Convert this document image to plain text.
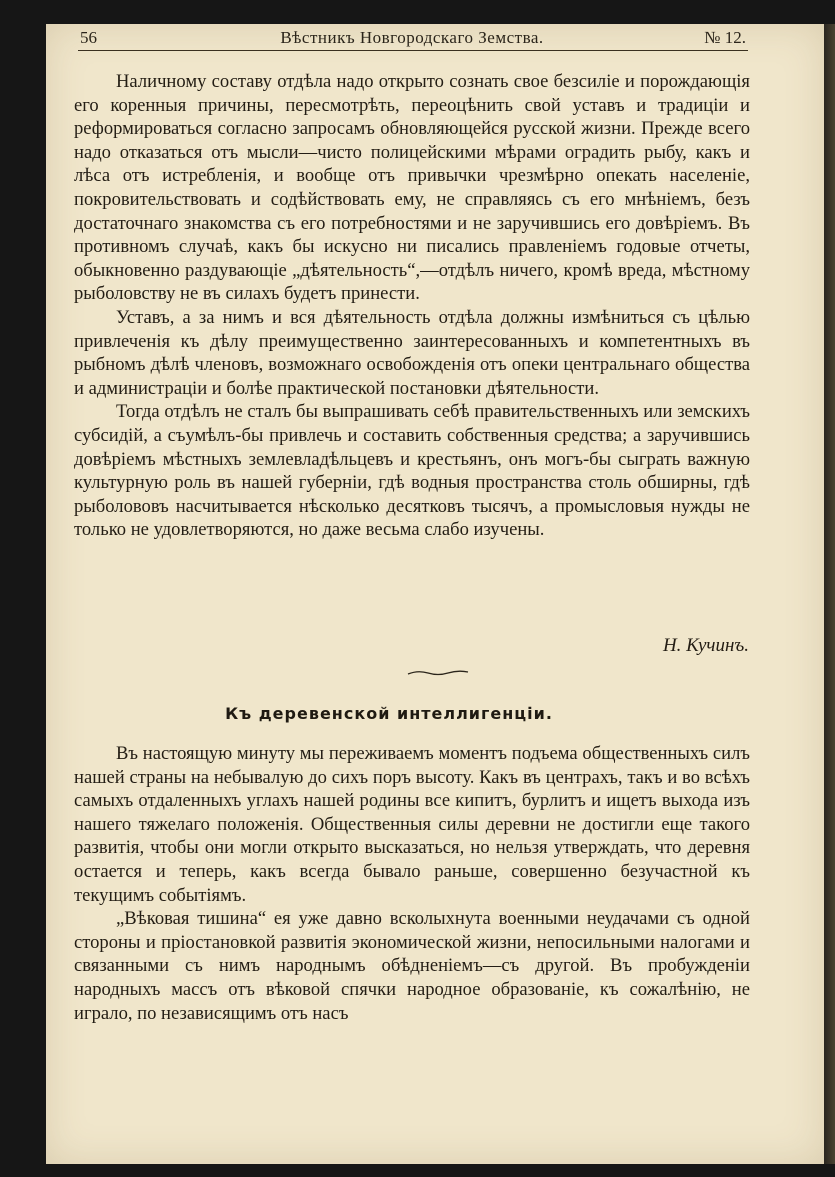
56	Вѣстникъ Новгородскаго Земства.	№ 12.

Наличному составу отдѣла надо открыто сознать свое безсиліе и порождающія его коренныя причины, пересмотрѣть, переоцѣнить свой уставъ и традиціи и реформироваться согласно запросамъ обновляющейся русской жизни. Прежде всего надо отказаться отъ мысли—чисто полицейскими мѣрами оградить рыбу, какъ и лѣса отъ истребленія, и вообще отъ привычки чрезмѣрно опекать населеніе, покровительствовать и содѣйствовать ему, не справляясь съ его мнѣніемъ, безъ достаточнаго знакомства съ его потребностями и не заручившись его довѣріемъ. Въ противномъ случаѣ, какъ бы искусно ни писались правленіемъ годовые отчеты, обыкновенно раздувающіе „дѣятельность“,—отдѣлъ ничего, кромѣ вреда, мѣстному рыболовству не въ силахъ будетъ принести.

Уставъ, а за нимъ и вся дѣятельность отдѣла должны измѣниться съ цѣлью привлеченія къ дѣлу преимущественно заинтересованныхъ и компетентныхъ въ рыбномъ дѣлѣ членовъ, возможнаго освобожденія отъ опеки центральнаго общества и администраціи и болѣе практической постановки дѣятельности.

Тогда отдѣлъ не сталъ бы выпрашивать себѣ правительственныхъ или земскихъ субсидій, а съумѣлъ-бы привлечь и составить собственныя средства; а заручившись довѣріемъ мѣстныхъ землевладѣльцевъ и крестьянъ, онъ могъ-бы сыграть важную культурную роль въ нашей губерніи, гдѣ водныя пространства столь обширны, гдѣ рыболововъ насчитывается нѣсколько десятковъ тысячъ, а промысловыя нужды не только не удовлетворяются, но даже весьма слабо изучены.

Н. Кучинъ.
Къ деревенской интеллигенціи.

Въ настоящую минуту мы переживаемъ моментъ подъема общественныхъ силъ нашей страны на небывалую до сихъ поръ высоту. Какъ въ центрахъ, такъ и во всѣхъ самыхъ отдаленныхъ углахъ нашей родины все кипитъ, бурлитъ и ищетъ выхода изъ нашего тяжелаго положенія. Общественныя силы деревни не достигли еще такого развитія, чтобы они могли открыто высказаться, но нельзя утверждать, что деревня остается и теперь, какъ всегда бывало раньше, совершенно безучастной къ текущимъ событіямъ.

„Вѣковая тишина“ ея уже давно всколыхнута военными неудачами съ одной стороны и пріостановкой развитія экономической жизни, непосильными налогами и связанными съ нимъ народнымъ обѣдненіемъ—съ другой. Въ пробужденіи народныхъ массъ отъ вѣковой спячки народное образованіе, къ сожалѣнію, не играло, по независящимъ отъ насъ
